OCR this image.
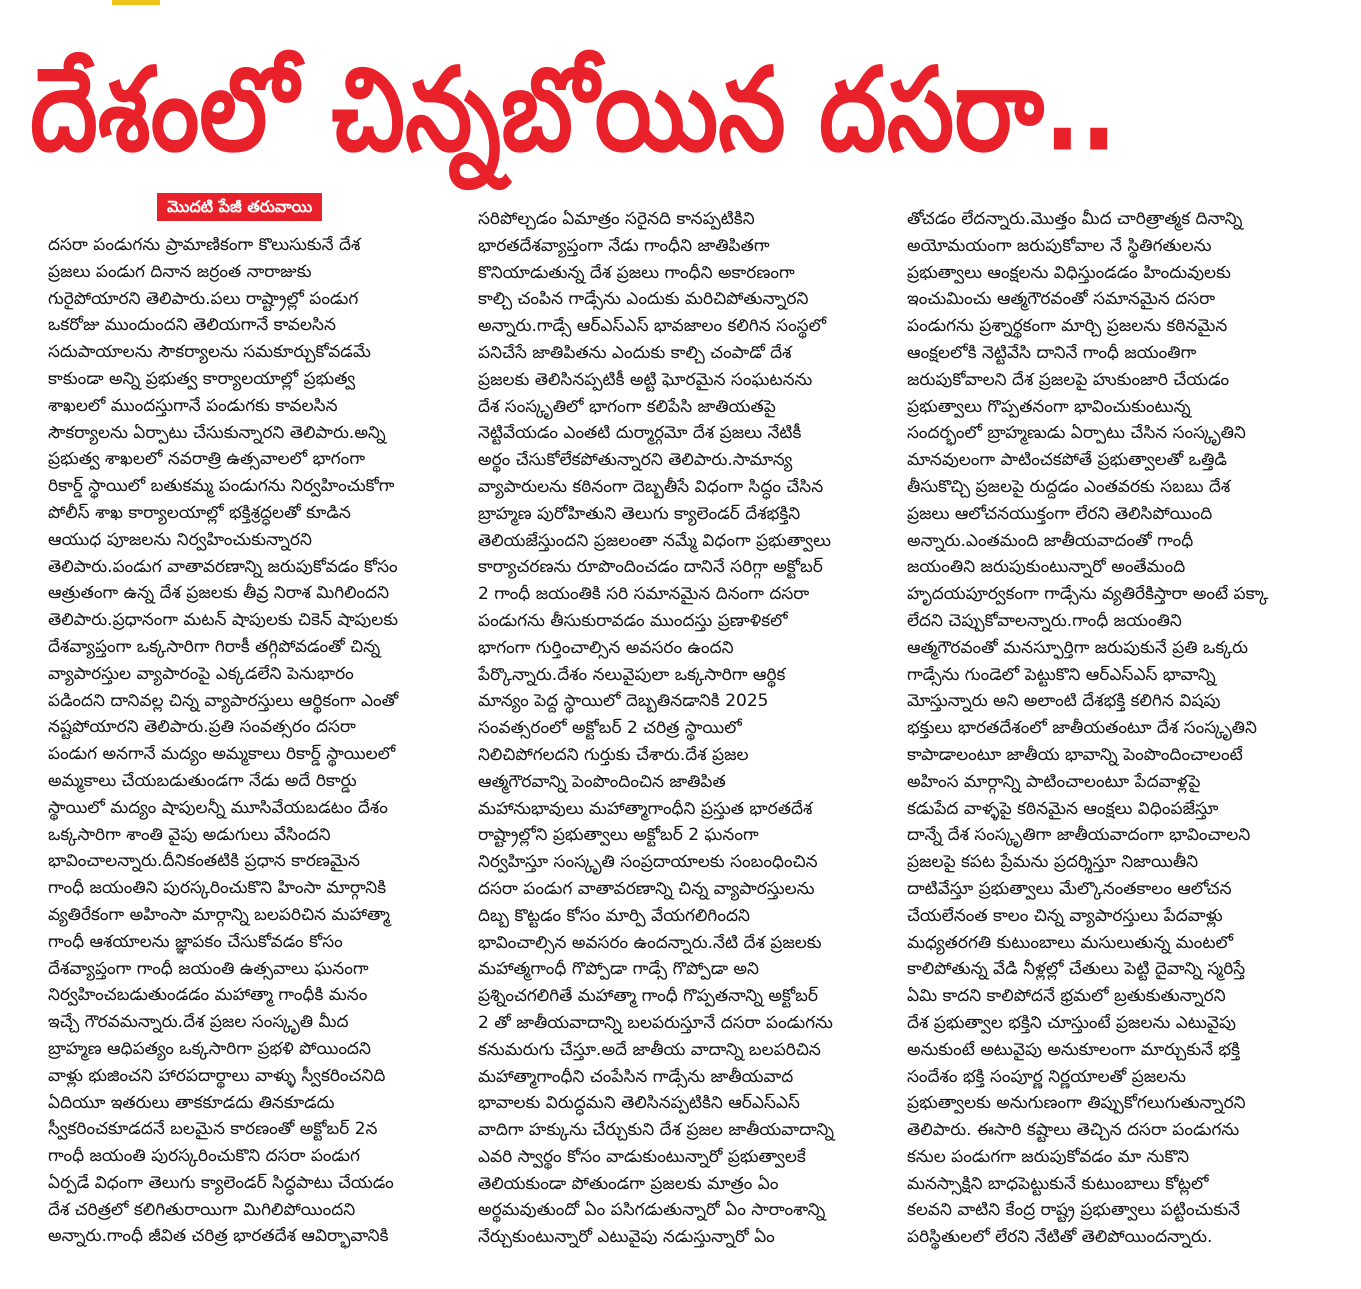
దేశంలో చిన్నబోయిన దసరా..
మొదటి పేజీ తరువాయి

దసరా పండుగను ప్రామాణికంగా కొలుసుకునే దేశ
ప్రజలు పండుగ దినాన జర్రంత నారాజుకు
గురైపోయారని తెలిపారు.పలు రాష్ట్రాల్లో పండుగ
ఒకరోజు ముందుందని తెలియగానే కావలసిన
సదుపాయాలను సౌకర్యాలను సమకూర్చుకోవడమే
కాకుండా అన్ని ప్రభుత్వ కార్యాలయాల్లో ప్రభుత్వ
శాఖలలో ముందస్తుగానే పండుగకు కావలసిన
సౌకర్యాలను ఏర్పాటు చేసుకున్నారని తెలిపారు.అన్ని
ప్రభుత్వ శాఖలలో నవరాత్రి ఉత్సవాలలో భాగంగా
రికార్డ్ స్థాయిలో బతుకమ్మ పండుగను నిర్వహించుకోగా
పోలీస్ శాఖ కార్యాలయాల్లో భక్తిశ్రద్ధలతో కూడిన
ఆయుధ పూజలను నిర్వహించుకున్నారని
తెలిపారు.పండుగ వాతావరణాన్ని జరుపుకోవడం కోసం
ఆత్రుతంగా ఉన్న దేశ ప్రజలకు తీవ్ర నిరాశ మిగిలిందని
తెలిపారు.ప్రధానంగా మటన్ షాపులకు చికెన్ షాపులకు
దేశవ్యాప్తంగా ఒక్కసారిగా గిరాకీ తగ్గిపోవడంతో చిన్న
వ్యాపారస్తుల వ్యాపారంపై ఎక్కడలేని పెనుభారం
పడిందని దానివల్ల చిన్న వ్యాపారస్తులు ఆర్థికంగా ఎంతో
నష్టపోయారని తెలిపారు.ప్రతి సంవత్సరం దసరా
పండుగ అనగానే మద్యం అమ్మకాలు రికార్డ్ స్థాయిలలో
అమ్మకాలు చేయబడుతుండగా నేడు అదే రికార్డు
స్థాయిలో మద్యం షాపులన్నీ మూసివేయబడటం దేశం
ఒక్కసారిగా శాంతి వైపు అడుగులు వేసిందని
భావించాలన్నారు.దీనికంతటికి ప్రధాన కారణమైన
గాంధీ జయంతిని పురస్కరించుకొని హింసా మార్గానికి
వ్యతిరేకంగా అహింసా మార్గాన్ని బలపరిచిన మహాత్మా
గాంధీ ఆశయాలను జ్ఞాపకం చేసుకోవడం కోసం
దేశవ్యాప్తంగా గాంధీ జయంతి ఉత్సవాలు ఘనంగా
నిర్వహించబడుతుండడం మహాత్మా గాంధీకి మనం
ఇచ్చే గౌరవమన్నారు.దేశ ప్రజల సంస్కృతి మీద
బ్రాహ్మణ ఆధిపత్యం ఒక్కసారిగా ప్రభళి పోయిందని
వాళ్లు భుజించని హారపదార్థాలు వాళ్ళు స్వీకరించనిది
ఏదియూ ఇతరులు తాకకూడదు తినకూడదు
స్వీకరించకూడదనే బలమైన కారణంతో అక్టోబర్ 2న
గాంధీ జయంతి పురస్కరించుకొని దసరా పండుగ
ఏర్పడే విధంగా తెలుగు క్యాలెండర్ సిద్ధపాటు చేయడం
దేశ చరిత్రలో కలిగితురాయిగా మిగిలిపోయిందని
అన్నారు.గాంధీ జీవిత చరిత్ర భారతదేశ ఆవిర్భావానికి

సరిపోల్చడం ఏమాత్రం సరైనది కానప్పటికిని
భారతదేశవ్యాప్తంగా నేడు గాంధీని జాతిపితగా
కొనియాడుతున్న దేశ ప్రజలు గాంధీని అకారణంగా
కాల్చి చంపిన గాడ్సేను ఎందుకు మరిచిపోతున్నారని
అన్నారు.గాడ్సే ఆర్ఎస్ఎస్ భావజాలం కలిగిన సంస్థలో
పనిచేసే జాతిపితను ఎందుకు కాల్చి చంపాడో దేశ
ప్రజలకు తెలిసినప్పటికీ అట్టి ఘోరమైన సంఘటనను
దేశ సంస్కృతిలో భాగంగా కలిపేసి జాతియతపై
నెట్టివేయడం ఎంతటి దుర్మార్గమో దేశ ప్రజలు నేటికీ
అర్థం చేసుకోలేకపోతున్నారని తెలిపారు.సామాన్య
వ్యాపారులను కఠినంగా దెబ్బతీసే విధంగా సిద్ధం చేసిన
బ్రాహ్మణ పురోహితుని తెలుగు క్యాలెండర్ దేశభక్తిని
తెలియజేస్తుందని ప్రజలంతా నమ్మే విధంగా ప్రభుత్వాలు
కార్యాచరణను రూపొందించడం దానినే సరిగ్గా అక్టోబర్
2 గాంధీ జయంతికి సరి సమానమైన దినంగా దసరా
పండుగను తీసుకురావడం ముందస్తు ప్రణాళికలో
భాగంగా గుర్తించాల్సిన అవసరం ఉందని
పేర్కొన్నారు.దేశం నలువైపులా ఒక్కసారిగా ఆర్థిక
మాన్యం పెద్ద స్థాయిలో దెబ్బతినడానికి 2025
సంవత్సరంలో అక్టోబర్ 2 చరిత్ర స్థాయిలో
నిలిచిపోగలదని గుర్తుకు చేశారు.దేశ ప్రజల
ఆత్మగౌరవాన్ని పెంపొందించిన జాతిపిత
మహానుభావులు మహాత్మాగాంధీని ప్రస్తుత భారతదేశ
రాష్ట్రాల్లోని ప్రభుత్వాలు అక్టోబర్ 2 ఘనంగా
నిర్వహిస్తూ సంస్కృతి సంప్రదాయాలకు సంబంధించిన
దసరా పండుగ వాతావరణాన్ని చిన్న వ్యాపారస్తులను
దిబ్బ కొట్టడం కోసం మార్పి వేయగలిగిందని
భావించాల్సిన అవసరం ఉందన్నారు.నేటి దేశ ప్రజలకు
మహాత్మగాంధీ గొప్పోడా గాడ్సే గొప్పోడా అని
ప్రశ్నించగలిగితే మహాత్మా గాంధీ గొప్పతనాన్ని అక్టోబర్
2 తో జాతీయవాదాన్ని బలపరుస్తూనే దసరా పండుగను
కనుమరుగు చేస్తూ.అదే జాతీయ వాదాన్ని బలపరిచిన
మహాత్మాగాంధీని చంపేసిన గాడ్సేను జాతీయవాద
భావాలకు విరుద్ధమని తెలిసినప్పటికిని ఆర్ఎస్ఎస్
వాదిగా హక్కును చేర్చుకుని దేశ ప్రజల జాతీయవాదాన్ని
ఎవరి స్వార్థం కోసం వాడుకుంటున్నారో ప్రభుత్వాలకే
తెలియకుండా పోతుండగా ప్రజలకు మాత్రం ఏం
అర్థమవుతుందో ఏం పసిగడుతున్నారో ఏం సారాంశాన్ని
నేర్చుకుంటున్నారో ఎటువైపు నడుస్తున్నారో ఏం

తోచడం లేదన్నారు.మొత్తం మీద చారిత్రాత్మక దినాన్ని
అయోమయంగా జరుపుకోవాల నే స్థితిగతులను
ప్రభుత్వాలు ఆంక్షలను విధిస్తుండడం హిందువులకు
ఇంచుమించు ఆత్మగౌరవంతో సమానమైన దసరా
పండుగను ప్రశ్నార్థకంగా మార్చి ప్రజలను కఠినమైన
ఆంక్షలలోకి నెట్టివేసి దానినే గాంధీ జయంతిగా
జరుపుకోవాలని దేశ ప్రజలపై హుకుంజారి చేయడం
ప్రభుత్వాలు గొప్పతనంగా భావించుకుంటున్న
సందర్భంలో బ్రాహ్మణుడు ఏర్పాటు చేసిన సంస్కృతిని
మానవులంగా పాటించకపోతే ప్రభుత్వాలతో ఒత్తిడి
తీసుకొచ్చి ప్రజలపై రుద్దడం ఎంతవరకు సబబు దేశ
ప్రజలు ఆలోచనయుక్తంగా లేరని తెలిసిపోయింది
అన్నారు.ఎంతమంది జాతీయవాదంతో గాంధీ
జయంతిని జరుపుకుంటున్నారో అంతేమంది
హృదయపూర్వకంగా గాడ్సేను వ్యతిరేకిస్తారా అంటే పక్కా
లేదని చెప్పుకోవాలన్నారు.గాంధీ జయంతిని
ఆత్మగౌరవంతో మనస్ఫూర్తిగా జరుపుకునే ప్రతి ఒక్కరు
గాడ్సేను గుండెలో పెట్టుకొని ఆర్ఎస్ఎస్ భావాన్ని
మోస్తున్నారు అని అలాంటి దేశభక్తి కలిగిన విషపు
భక్తులు భారతదేశంలో జాతీయతంటూ దేశ సంస్కృతిని
కాపాడాలంటూ జాతీయ భావాన్ని పెంపొందించాలంటే
అహింస మార్గాన్ని పాటించాలంటూ పేదవాళ్లపై
కడుపేద వాళ్ళపై కఠినమైన ఆంక్షలు విధింపజేస్తూ
దాన్నే దేశ సంస్కృతిగా జాతీయవాదంగా భావించాలని
ప్రజలపై కపట ప్రేమను ప్రదర్శిస్తూ నిజాయితీని
దాటివేస్తూ ప్రభుత్వాలు మేల్కొనంతకాలం ఆలోచన
చేయలేనంత కాలం చిన్న వ్యాపారస్తులు పేదవాళ్లు
మధ్యతరగతి కుటుంబాలు మసులుతున్న మంటలో
కాలిపోతున్న వేడి నీళ్లల్లో చేతులు పెట్టి దైవాన్ని స్మరిస్తే
ఏమి కాదని కాలిపోదనే భ్రమలో బ్రతుకుతున్నారని
దేశ ప్రభుత్వాల భక్తిని చూస్తుంటే ప్రజలను ఎటువైపు
అనుకుంటే అటువైపు అనుకూలంగా మార్చుకునే భక్తి
సందేశం భక్తి సంపూర్ణ నిర్ణయాలతో ప్రజలను
ప్రభుత్వాలకు అనుగుణంగా తిప్పుకోగలుగుతున్నారని
తెలిపారు. ఈసారి కష్టాలు తెచ్చిన దసరా పండుగను
కనుల పండుగగా జరుపుకోవడం మా నుకొని
మనస్సాక్షిని బాధపెట్టుకునే కుటుంబాలు కోట్లలో
కలవని వాటిని కేంద్ర రాష్ట్ర ప్రభుత్వాలు పట్టించుకునే
పరిస్థితులలో లేరని నేటితో తెలిపోయిందన్నారు.
